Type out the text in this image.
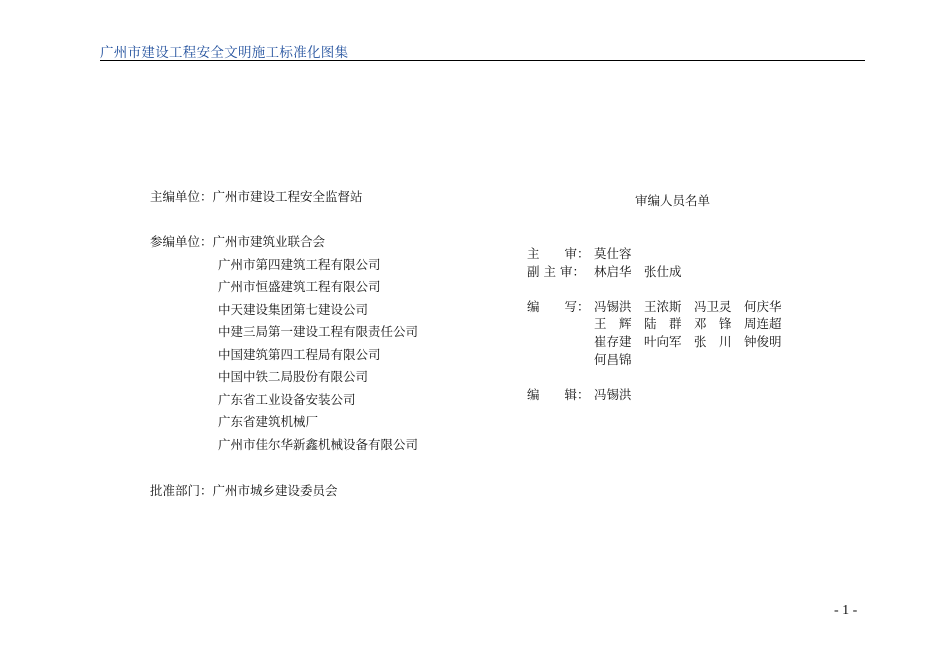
广州市建设工程安全文明施工标准化图集
主编单位：广州市建设工程安全监督站
参编单位：广州市建筑业联合会
广州市第四建筑工程有限公司
广州市恒盛建筑工程有限公司
中天建设集团第七建设公司
中建三局第一建设工程有限责任公司
中国建筑第四工程局有限公司
中国中铁二局股份有限公司
广东省工业设备安装公司
广东省建筑机械厂
广州市佳尔华新鑫机械设备有限公司
批准部门：广州市城乡建设委员会
审编人员名单
主　　审： 莫仕容
副 主 审： 林启华　张仕成
编　　写： 冯锡洪　王浓斯　冯卫灵　何庆华
王　辉　陆　群　邓　锋　周连超
崔存建　叶向军　张　川　钟俊明
何昌锦
编　　辑： 冯锡洪
- 1 -
